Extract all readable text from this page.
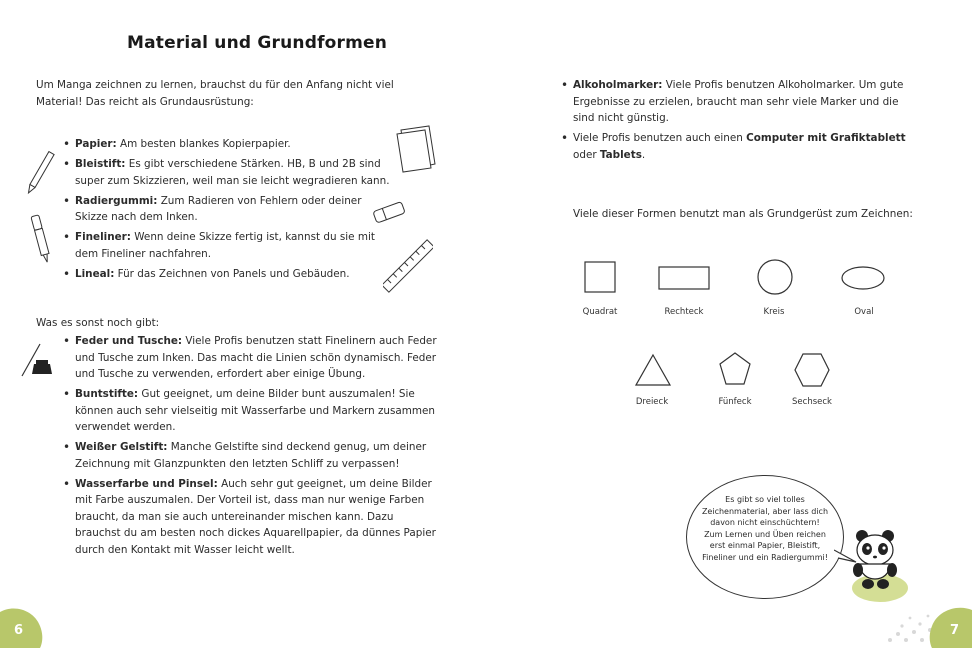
Material und Grundformen
Um Manga zeichnen zu lernen, brauchst du für den Anfang nicht viel Material! Das reicht als Grundausrüstung:
• Papier: Am besten blankes Kopierpapier.
• Bleistift: Es gibt verschiedene Stärken. HB, B und 2B sind super zum Skizzieren, weil man sie leicht wegradieren kann.
• Radiergummi: Zum Radieren von Fehlern oder deiner Skizze nach dem Inken.
• Fineliner: Wenn deine Skizze fertig ist, kannst du sie mit dem Fineliner nachfahren.
• Lineal: Für das Zeichnen von Panels und Gebäuden.
Was es sonst noch gibt:
• Feder und Tusche: Viele Profis benutzen statt Finelinern auch Feder und Tusche zum Inken. Das macht die Linien schön dynamisch. Feder und Tusche zu verwenden, erfordert aber einige Übung.
• Buntstifte: Gut geeignet, um deine Bilder bunt auszumalen! Sie können auch sehr vielseitig mit Wasserfarbe und Markern zusammen verwendet werden.
• Weißer Gelstift: Manche Gelstifte sind deckend genug, um deiner Zeichnung mit Glanzpunkten den letzten Schliff zu verpassen!
• Wasserfarbe und Pinsel: Auch sehr gut geeignet, um deine Bilder mit Farbe auszumalen. Der Vorteil ist, dass man nur wenige Farben braucht, da man sie auch untereinander mischen kann. Dazu brauchst du am besten noch dickes Aquarellpapier, da dünnes Papier durch den Kontakt mit Wasser leicht wellt.
6
• Alkoholmarker: Viele Profis benutzen Alkoholmarker. Um gute Ergebnisse zu erzielen, braucht man sehr viele Marker und die sind nicht günstig.
• Viele Profis benutzen auch einen Computer mit Grafiktablett oder Tablets.
Viele dieser Formen benutzt man als Grundgerüst zum Zeichnen:
Quadrat	Rechteck	Kreis	Oval
Dreieck	Fünfeck	Sechseck
Es gibt so viel tolles Zeichenmaterial, aber lass dich davon nicht einschüchtern! Zum Lernen und Üben reichen erst einmal Papier, Bleistift, Fineliner und ein Radiergummi!
7
